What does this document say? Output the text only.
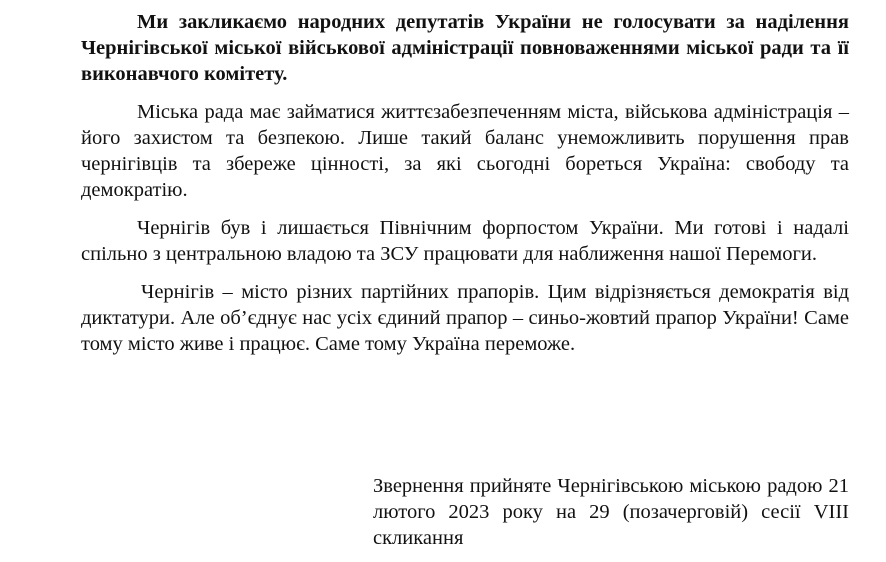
Ми закликаємо народних депутатів України не голосувати за наділення Чернігівської міської військової адміністрації повноваженнями міської ради та її виконавчого комітету.

Міська рада має займатися життєзабезпеченням міста, військова адміністрація – його захистом та безпекою. Лише такий баланс унеможливить порушення прав чернігівців та збереже цінності, за які сьогодні бореться Україна: свободу та демократію.

Чернігів був і лишається Північним форпостом України. Ми готові і надалі спільно з центральною владою та ЗСУ працювати для наближення нашої Перемоги.

Чернігів – місто різних партійних прапорів. Цим відрізняється демократія від диктатури. Але об’єднує нас усіх єдиний прапор – синьо-жовтий прапор України! Саме тому місто живе і працює. Саме тому Україна переможе.

Звернення прийняте Чернігівською міською радою 21 лютого 2023 року на 29 (позачерговій) сесії VIII скликання
